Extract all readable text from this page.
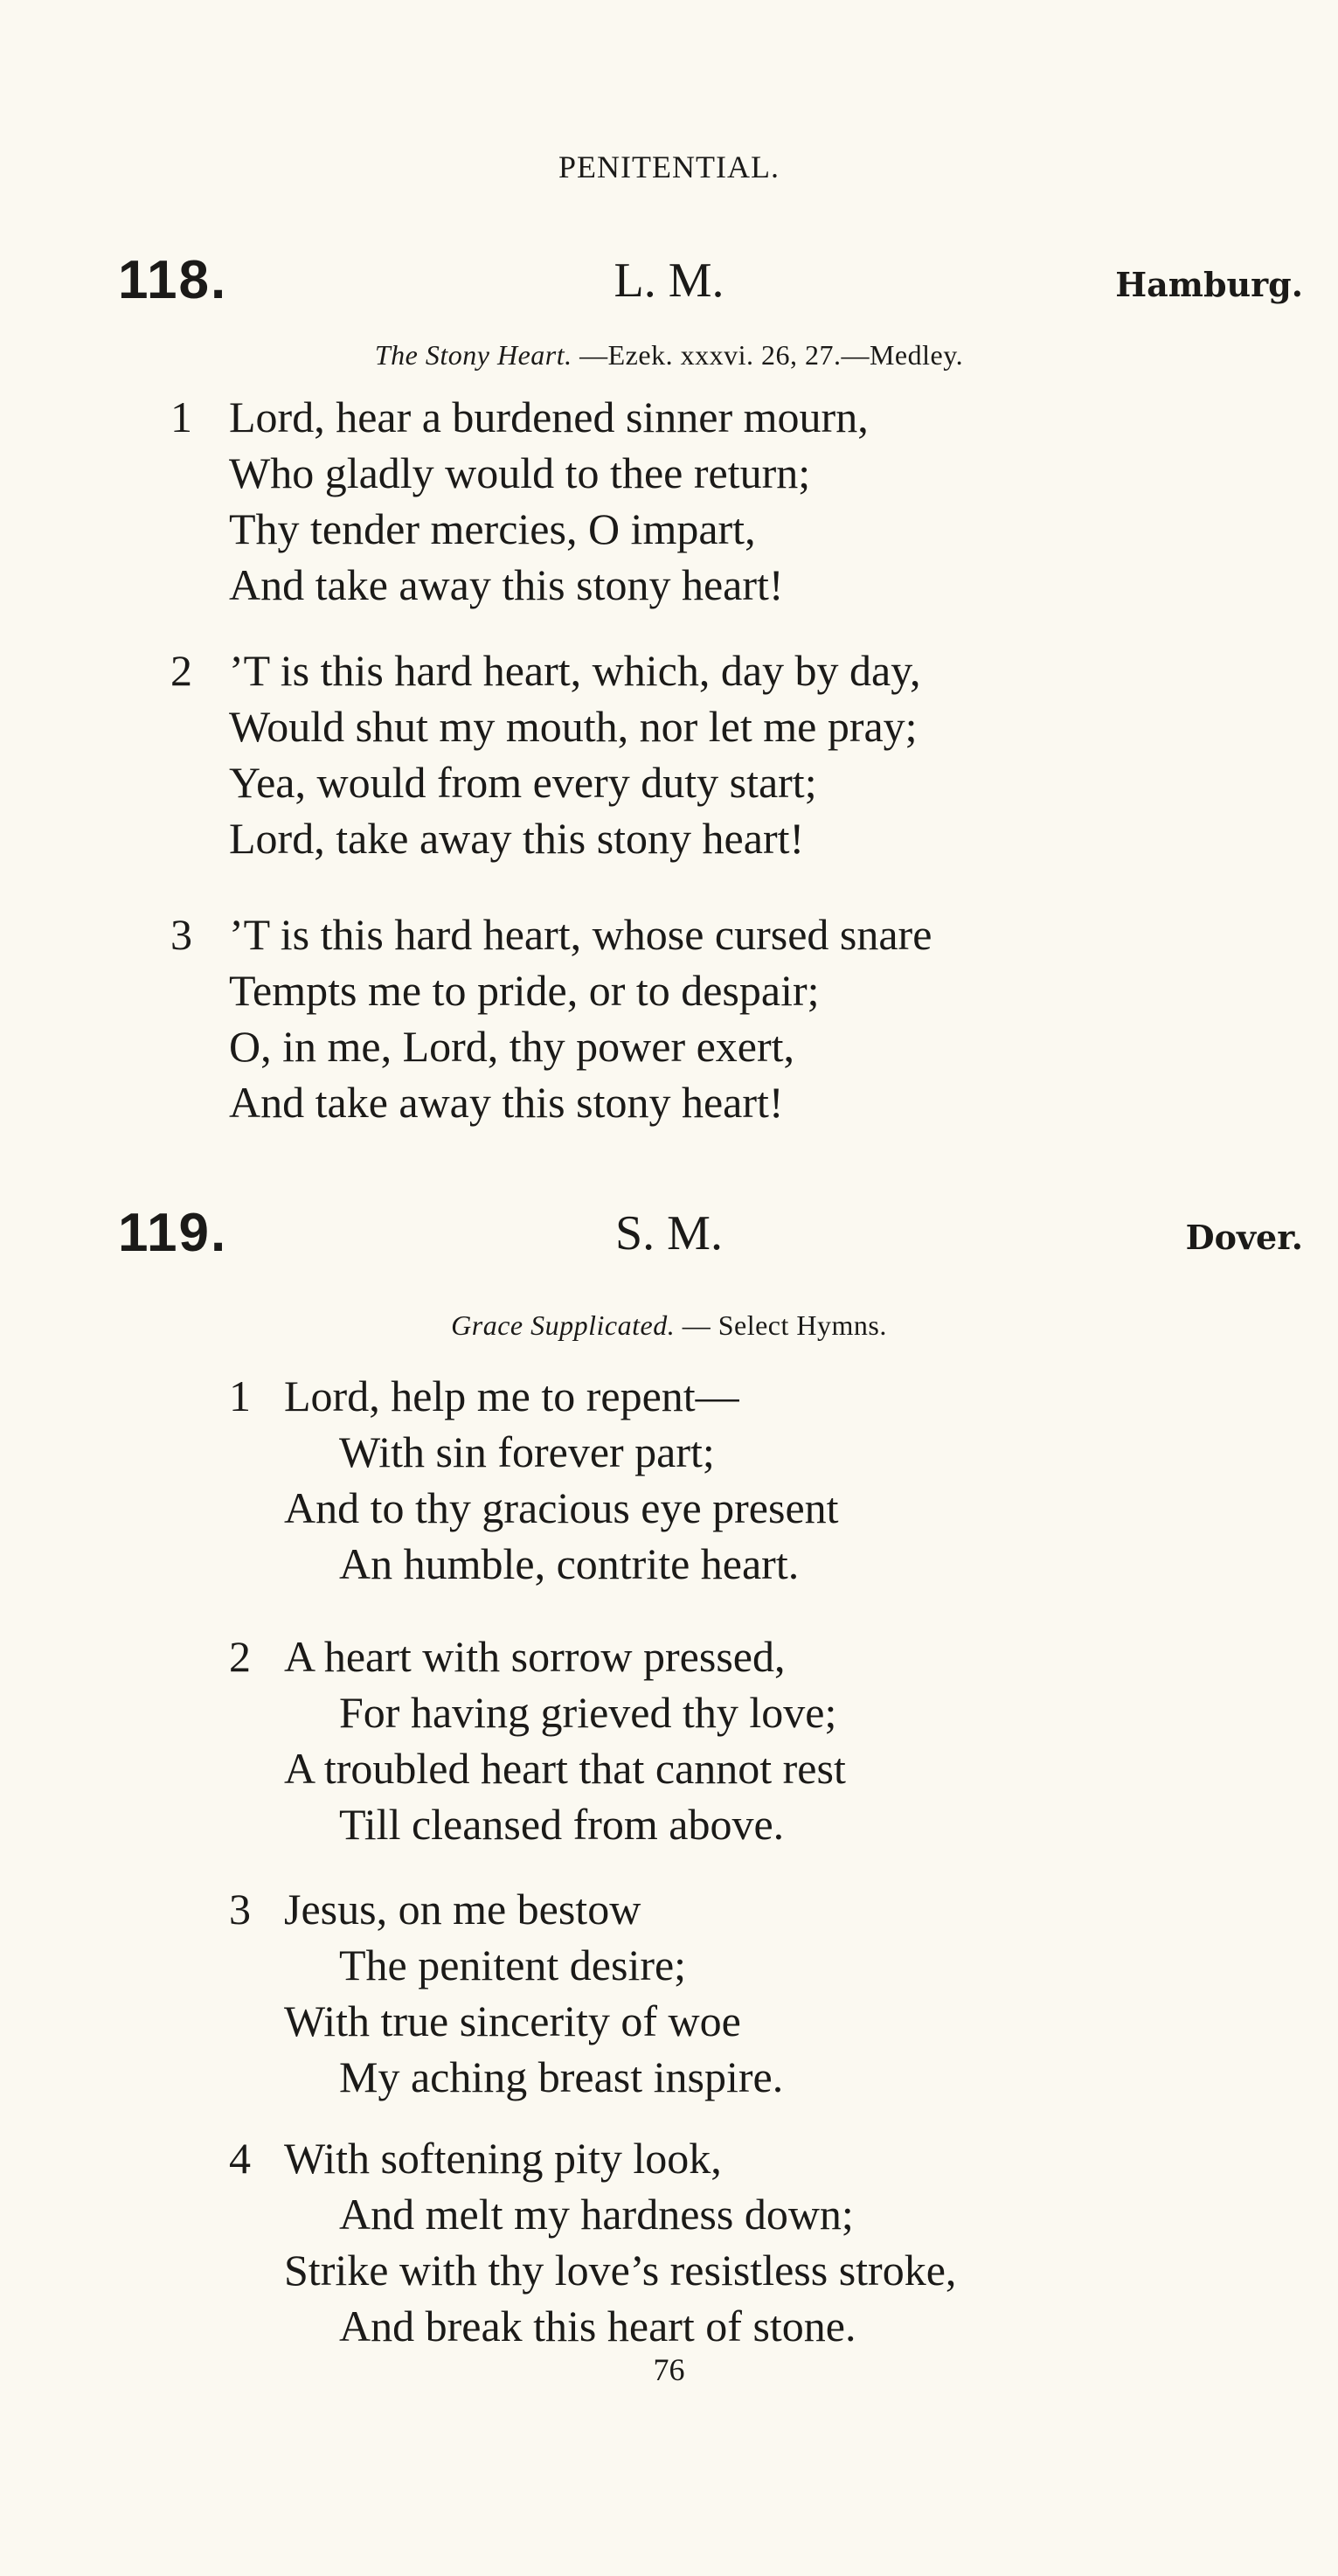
PENITENTIAL.
118.	L. M.	Hamburg.
The Stony Heart. —Ezek. xxxvi. 26, 27.—Medley.
1 Lord, hear a burdened sinner mourn,
Who gladly would to thee return;
Thy tender mercies, O impart,
And take away this stony heart!
2 ’T is this hard heart, which, day by day,
Would shut my mouth, nor let me pray;
Yea, would from every duty start;
Lord, take away this stony heart!
3 ’T is this hard heart, whose cursed snare
Tempts me to pride, or to despair;
O, in me, Lord, thy power exert,
And take away this stony heart!
119.	S. M.	Dover.
Grace Supplicated. — Select Hymns.
1 Lord, help me to repent—
With sin forever part;
And to thy gracious eye present
An humble, contrite heart.
2 A heart with sorrow pressed,
For having grieved thy love;
A troubled heart that cannot rest
Till cleansed from above.
3 Jesus, on me bestow
The penitent desire;
With true sincerity of woe
My aching breast inspire.
4 With softening pity look,
And melt my hardness down;
Strike with thy love’s resistless stroke,
And break this heart of stone.
76
